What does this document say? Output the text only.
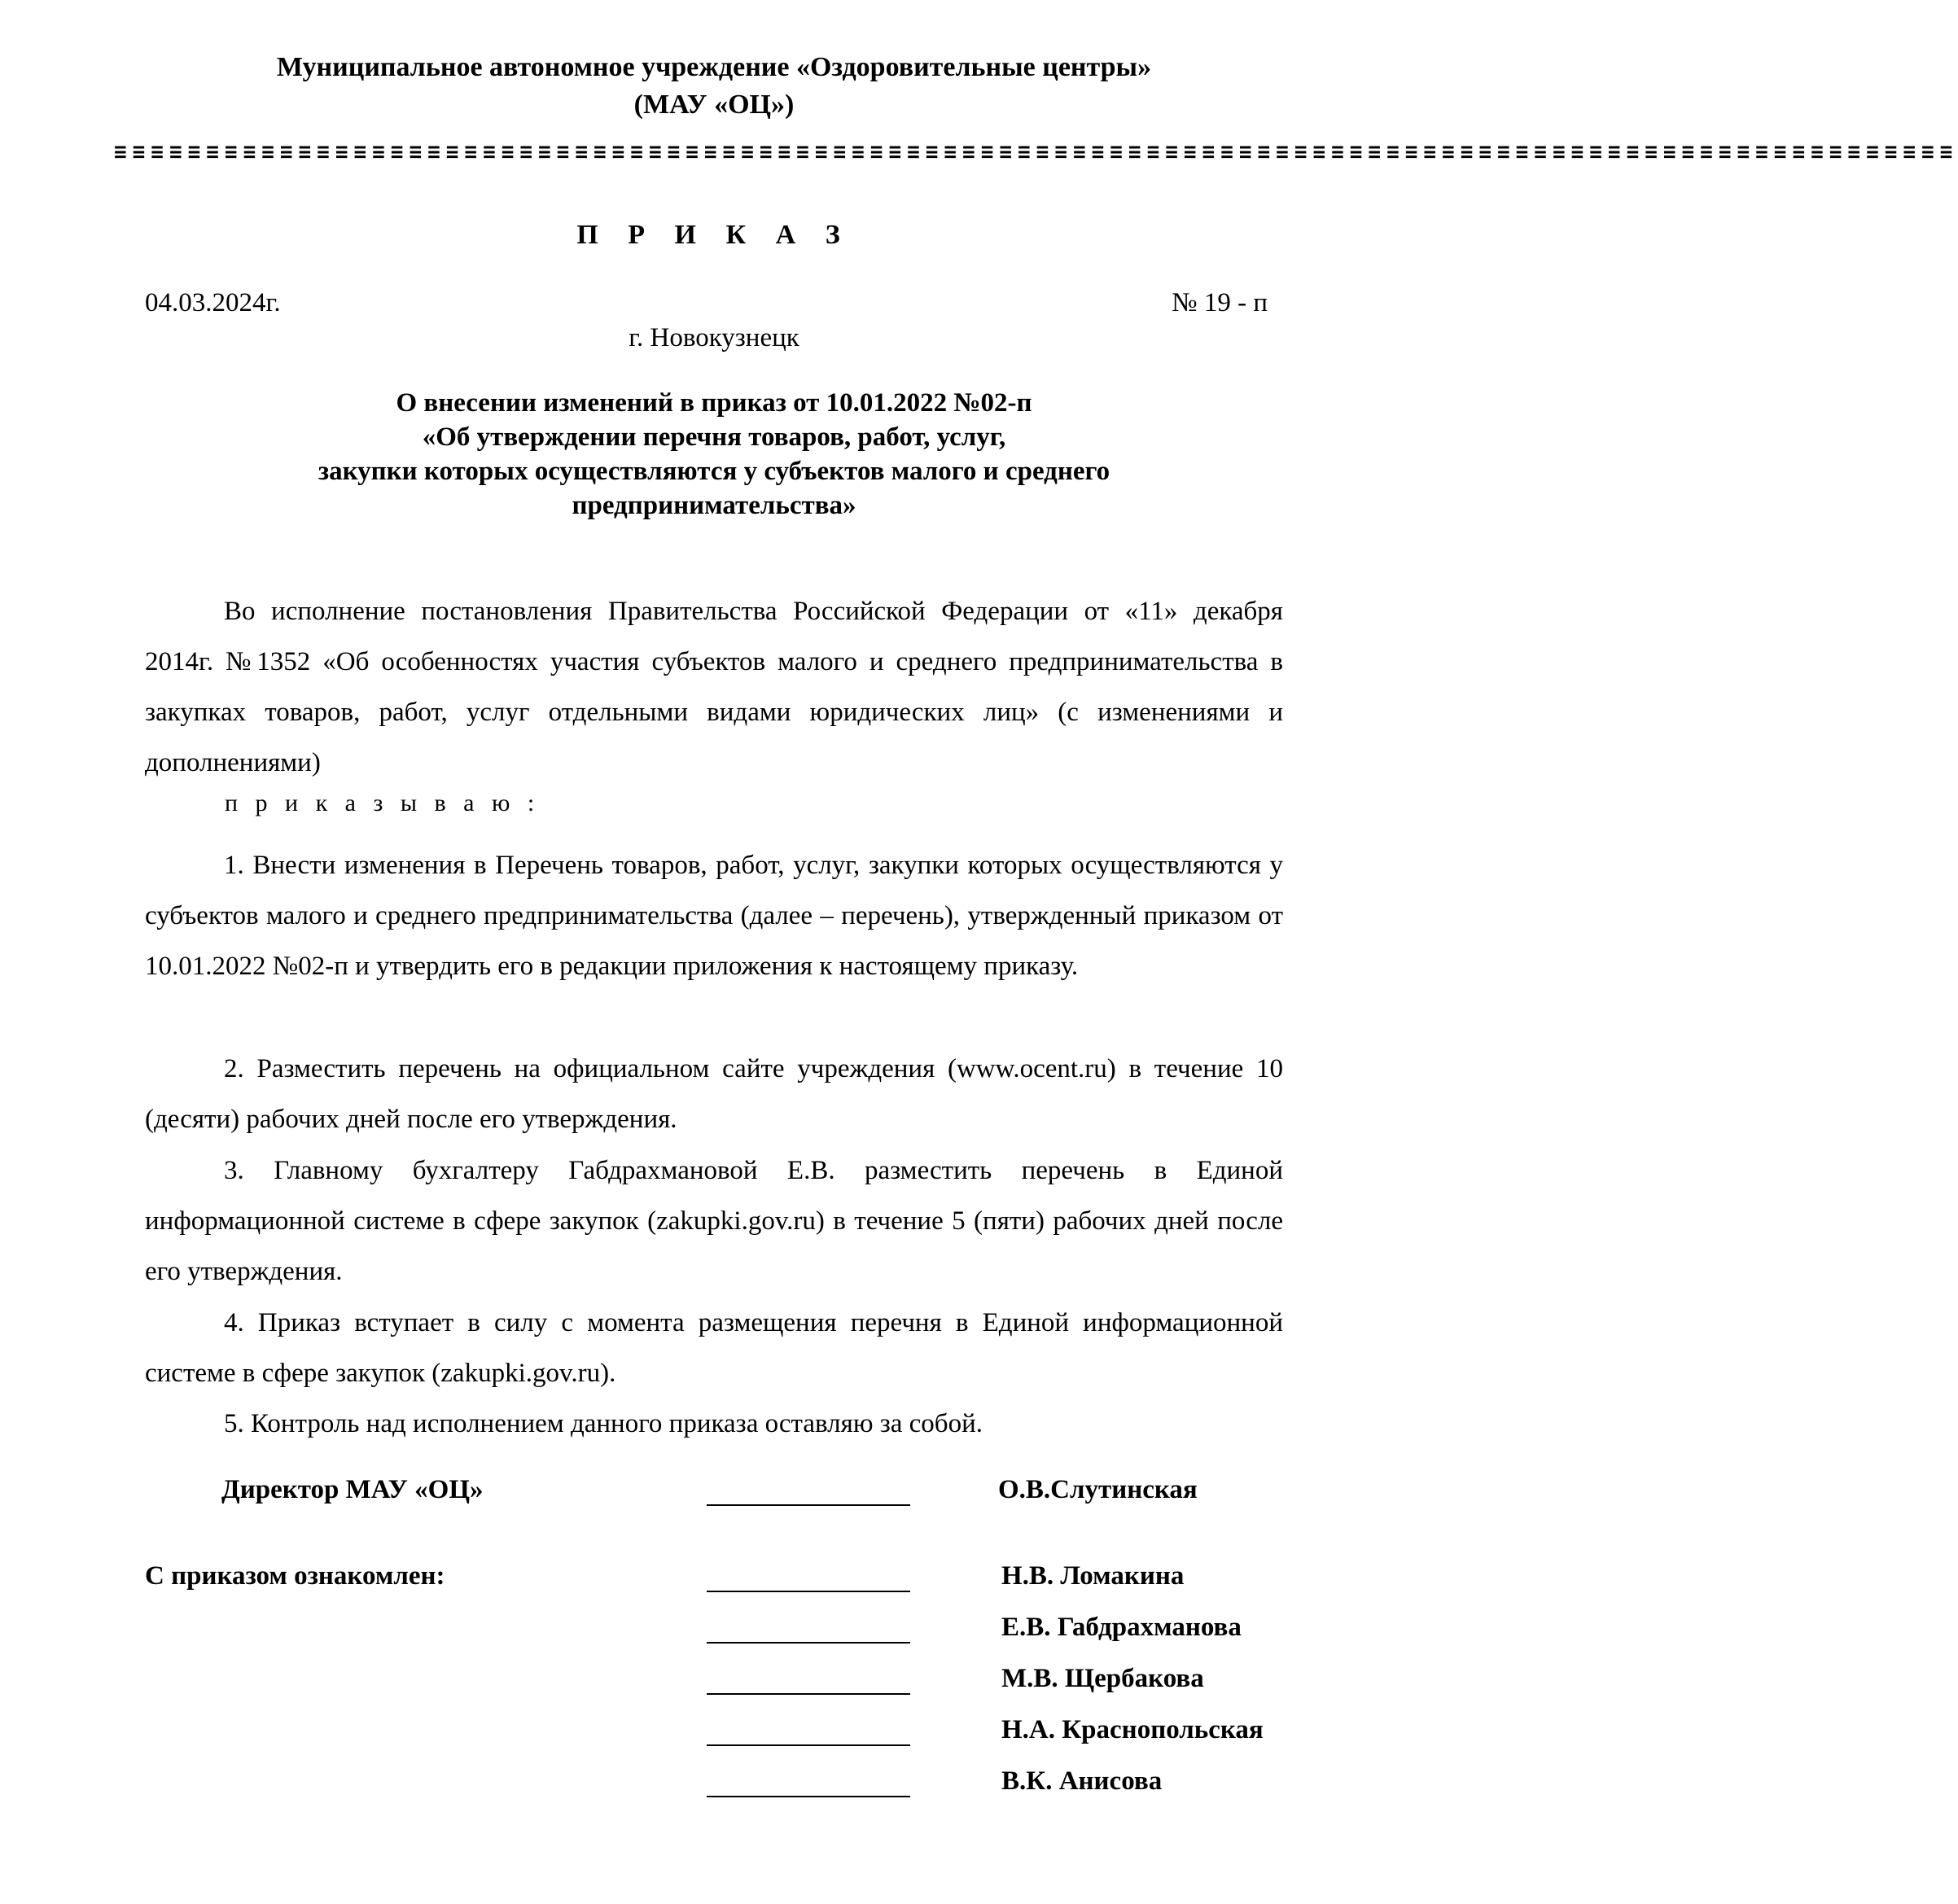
Муниципальное автономное учреждение «Оздоровительные центры»
(МАУ «ОЦ»)
≡≡≡≡≡≡≡≡≡≡≡≡≡≡≡≡≡≡≡≡≡≡≡≡≡≡≡≡≡≡≡≡≡≡≡≡≡≡≡≡≡≡≡≡≡≡≡≡≡≡≡≡≡≡≡≡≡≡≡≡≡≡≡≡≡≡≡≡≡≡≡≡≡≡≡≡≡≡≡≡≡≡≡≡≡≡≡≡≡≡≡≡≡≡≡≡≡≡≡≡
П Р И К А З
04.03.2024г.	№ 19 - п
г. Новокузнецк
О внесении изменений в приказ от 10.01.2022 №02-п
«Об утверждении перечня товаров, работ, услуг,
закупки которых осуществляются у субъектов малого и среднего
предпринимательства»
Во исполнение постановления Правительства Российской Федерации от «11» декабря 2014г. №1352 «Об особенностях участия субъектов малого и среднего предпринимательства в закупках товаров, работ, услуг отдельными видами юридических лиц» (с изменениями и дополнениями)
п р и к а з ы в а ю :
1. Внести изменения в Перечень товаров, работ, услуг, закупки которых осуществляются у субъектов малого и среднего предпринимательства (далее – перечень), утвержденный приказом от 10.01.2022 №02-п и утвердить его в редакции приложения к настоящему приказу.
2. Разместить перечень на официальном сайте учреждения (www.ocent.ru) в течение 10 (десяти) рабочих дней после его утверждения.
3. Главному бухгалтеру Габдрахмановой Е.В. разместить перечень в Единой информационной системе в сфере закупок (zakupki.gov.ru) в течение 5 (пяти) рабочих дней после его утверждения.
4. Приказ вступает в силу с момента размещения перечня в Единой информационной системе в сфере закупок (zakupki.gov.ru).
5. Контроль над исполнением данного приказа оставляю за собой.
Директор МАУ «ОЦ»	О.В.Слутинская
С приказом ознакомлен:	Н.В. Ломакина
Е.В. Габдрахманова
М.В. Щербакова
Н.А. Краснопольская
В.К. Анисова
